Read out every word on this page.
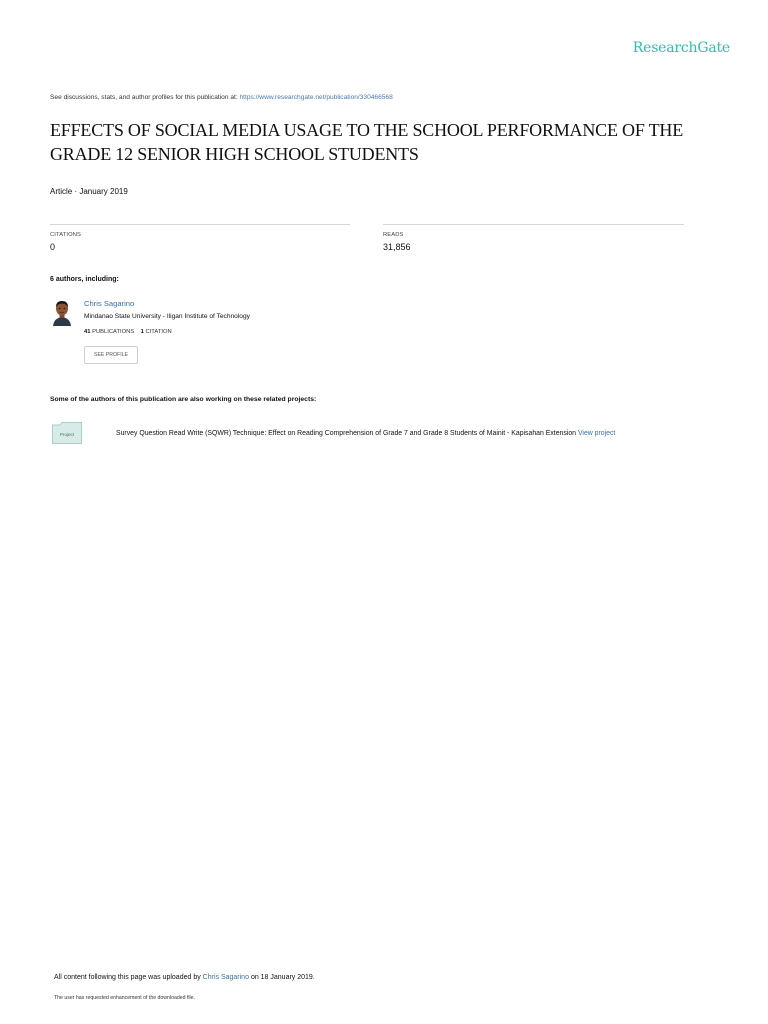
ResearchGate
See discussions, stats, and author profiles for this publication at: https://www.researchgate.net/publication/330466568
EFFECTS OF SOCIAL MEDIA USAGE TO THE SCHOOL PERFORMANCE OF THE
GRADE 12 SENIOR HIGH SCHOOL STUDENTS
Article · January 2019
CITATIONS
0
READS
31,856
6 authors, including:
Chris Sagarino
Mindanao State University - Iligan Institute of Technology
41 PUBLICATIONS 1 CITATION
SEE PROFILE
Some of the authors of this publication are also working on these related projects:
Project	Survey Question Read Write (SQWR) Technique: Effect on Reading Comprehension of Grade 7 and Grade 8 Students of Mainit - Kapisahan Extension View project
All content following this page was uploaded by Chris Sagarino on 18 January 2019.
The user has requested enhancement of the downloaded file.
